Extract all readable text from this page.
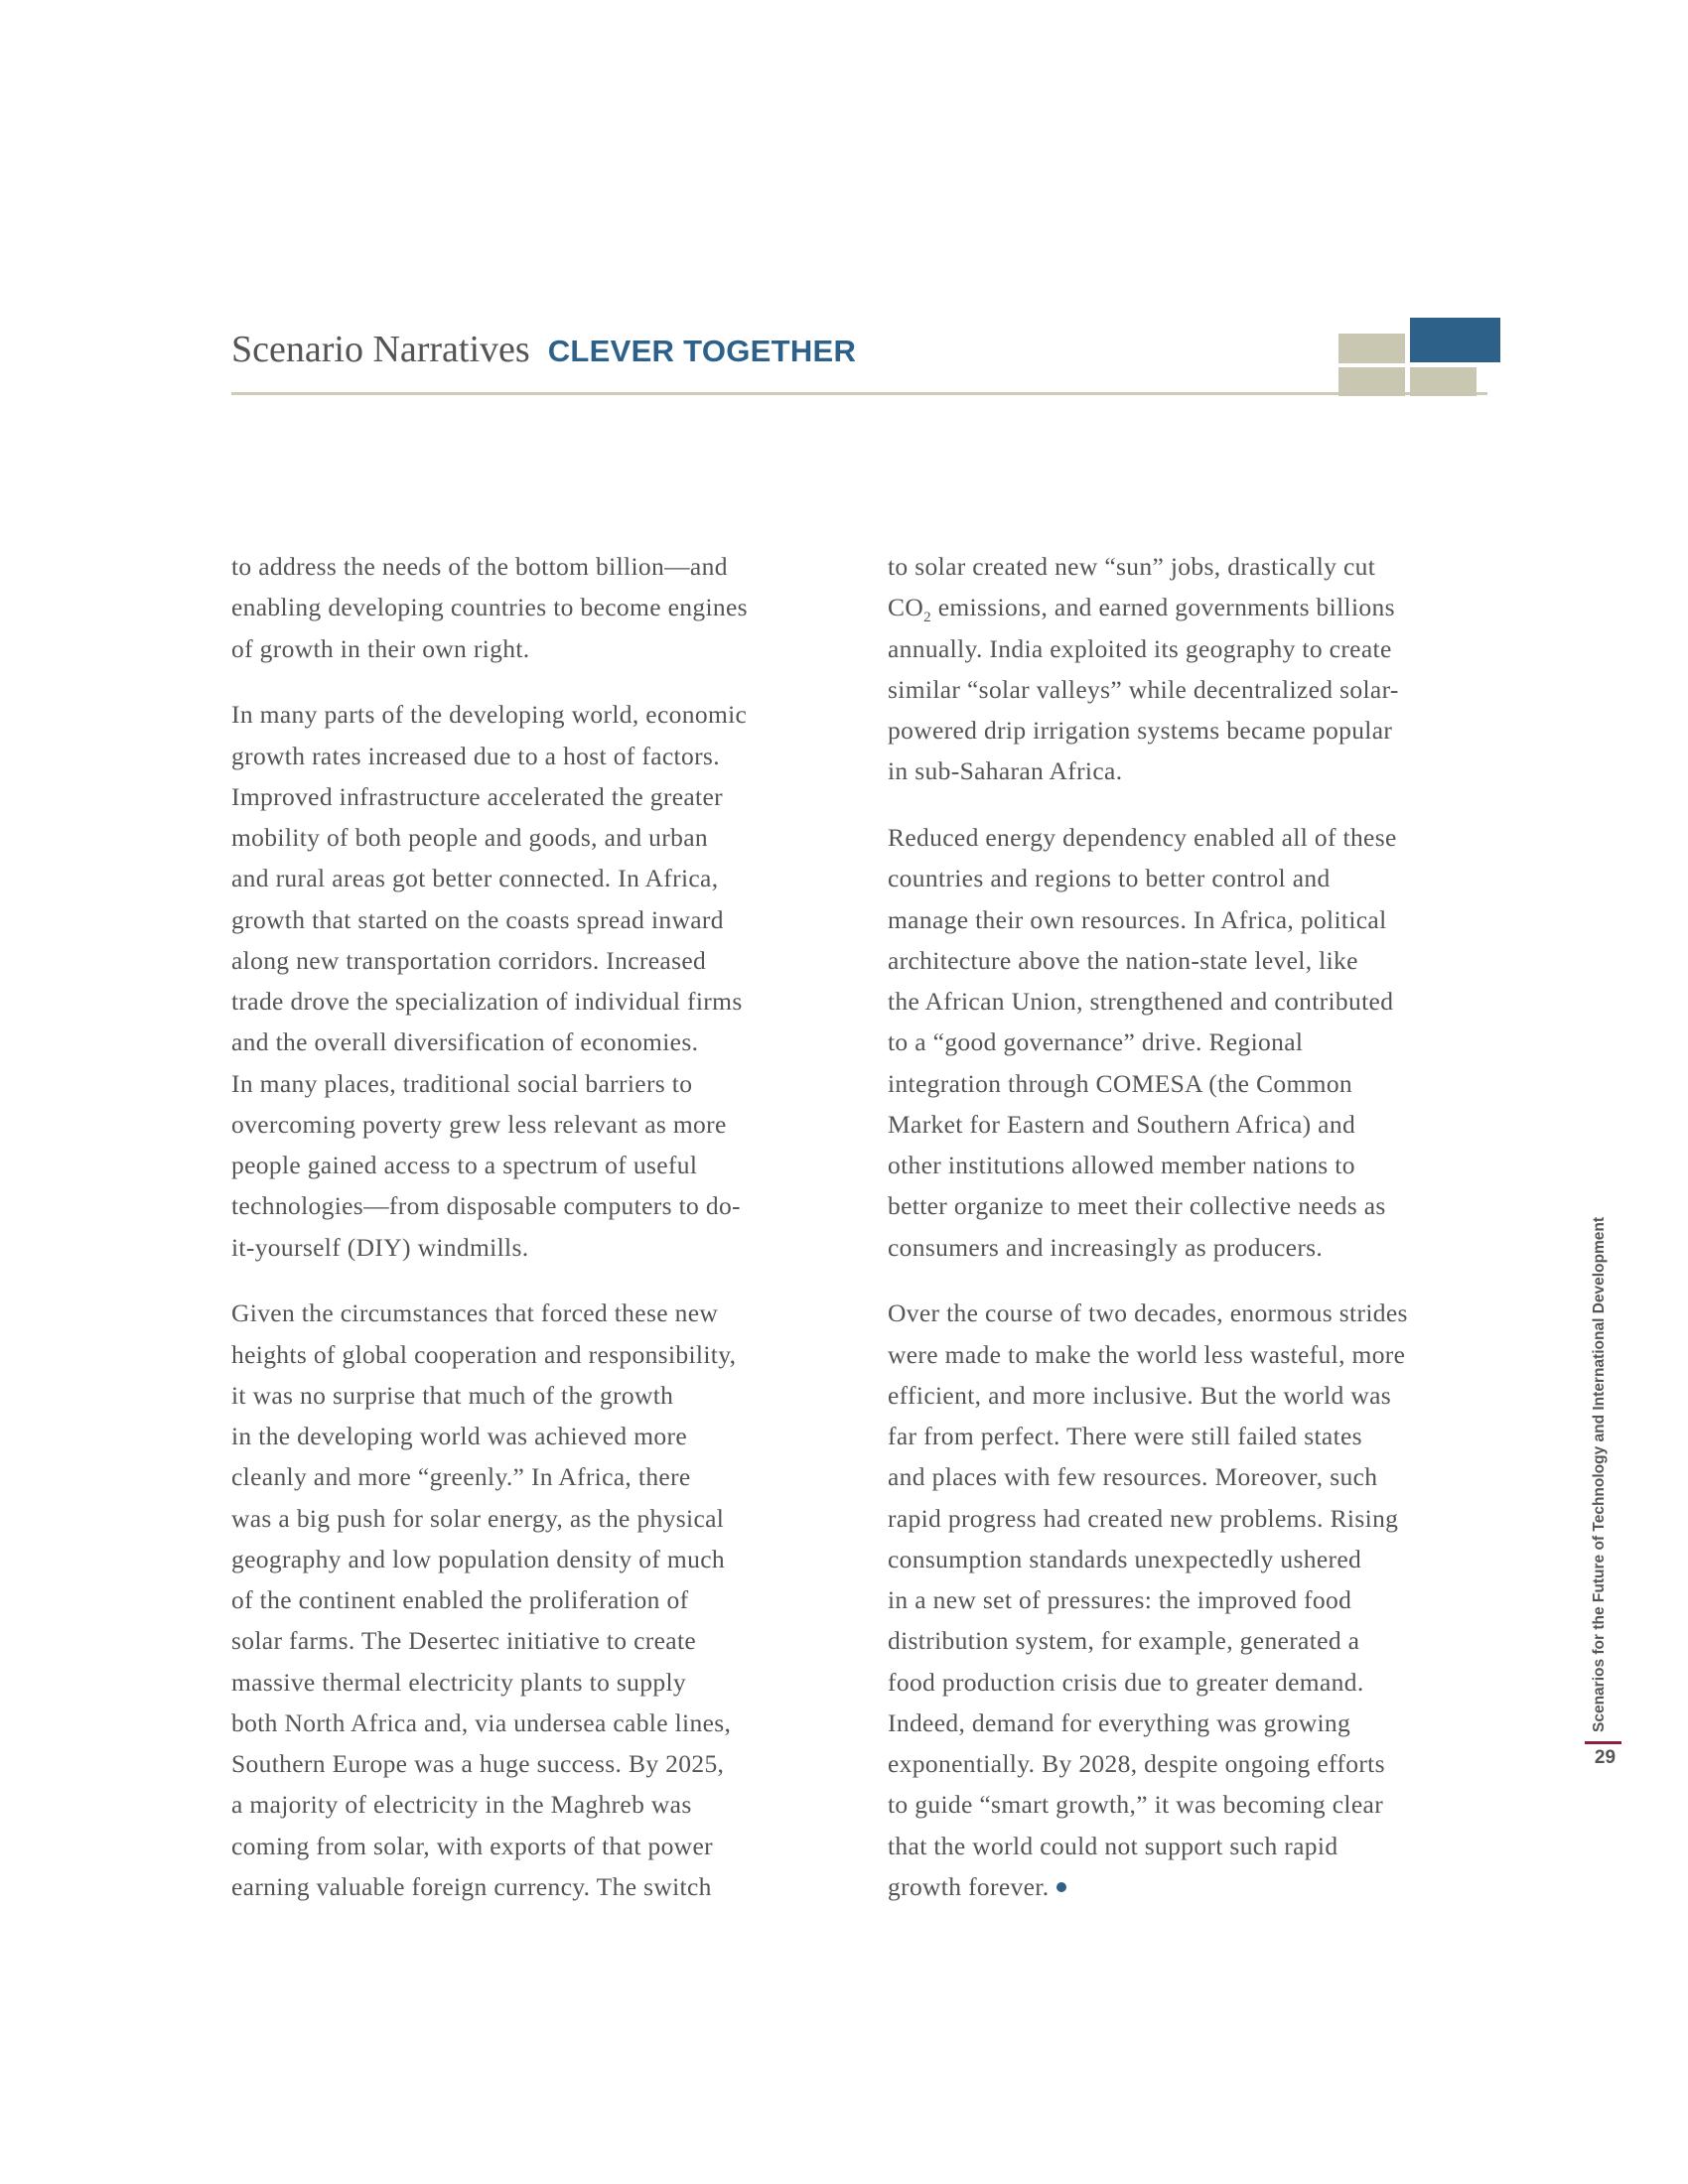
Scenario Narratives CLEVER TOGETHER
to address the needs of the bottom billion—and
enabling developing countries to become engines
of growth in their own right.
In many parts of the developing world, economic
growth rates increased due to a host of factors.
Improved infrastructure accelerated the greater
mobility of both people and goods, and urban
and rural areas got better connected. In Africa,
growth that started on the coasts spread inward
along new transportation corridors. Increased
trade drove the specialization of individual firms
and the overall diversification of economies.
In many places, traditional social barriers to
overcoming poverty grew less relevant as more
people gained access to a spectrum of useful
technologies—from disposable computers to do-
it-yourself (DIY) windmills.
Given the circumstances that forced these new
heights of global cooperation and responsibility,
it was no surprise that much of the growth
in the developing world was achieved more
cleanly and more “greenly.” In Africa, there
was a big push for solar energy, as the physical
geography and low population density of much
of the continent enabled the proliferation of
solar farms. The Desertec initiative to create
massive thermal electricity plants to supply
both North Africa and, via undersea cable lines,
Southern Europe was a huge success. By 2025,
a majority of electricity in the Maghreb was
coming from solar, with exports of that power
earning valuable foreign currency. The switch
to solar created new “sun” jobs, drastically cut
$CO_2$ emissions, and earned governments billions
annually. India exploited its geography to create
similar “solar valleys” while decentralized solar-
powered drip irrigation systems became popular
in sub-Saharan Africa.
Reduced energy dependency enabled all of these
countries and regions to better control and
manage their own resources. In Africa, political
architecture above the nation-state level, like
the African Union, strengthened and contributed
to a “good governance” drive. Regional
integration through COMESA (the Common
Market for Eastern and Southern Africa) and
other institutions allowed member nations to
better organize to meet their collective needs as
consumers and increasingly as producers.
Over the course of two decades, enormous strides
were made to make the world less wasteful, more
efficient, and more inclusive. But the world was
far from perfect. There were still failed states
and places with few resources. Moreover, such
rapid progress had created new problems. Rising
consumption standards unexpectedly ushered
in a new set of pressures: the improved food
distribution system, for example, generated a
food production crisis due to greater demand.
Indeed, demand for everything was growing
exponentially. By 2028, despite ongoing efforts
to guide “smart growth,” it was becoming clear
that the world could not support such rapid
growth forever.
Scenarios for the Future of Technology and International Development
29
